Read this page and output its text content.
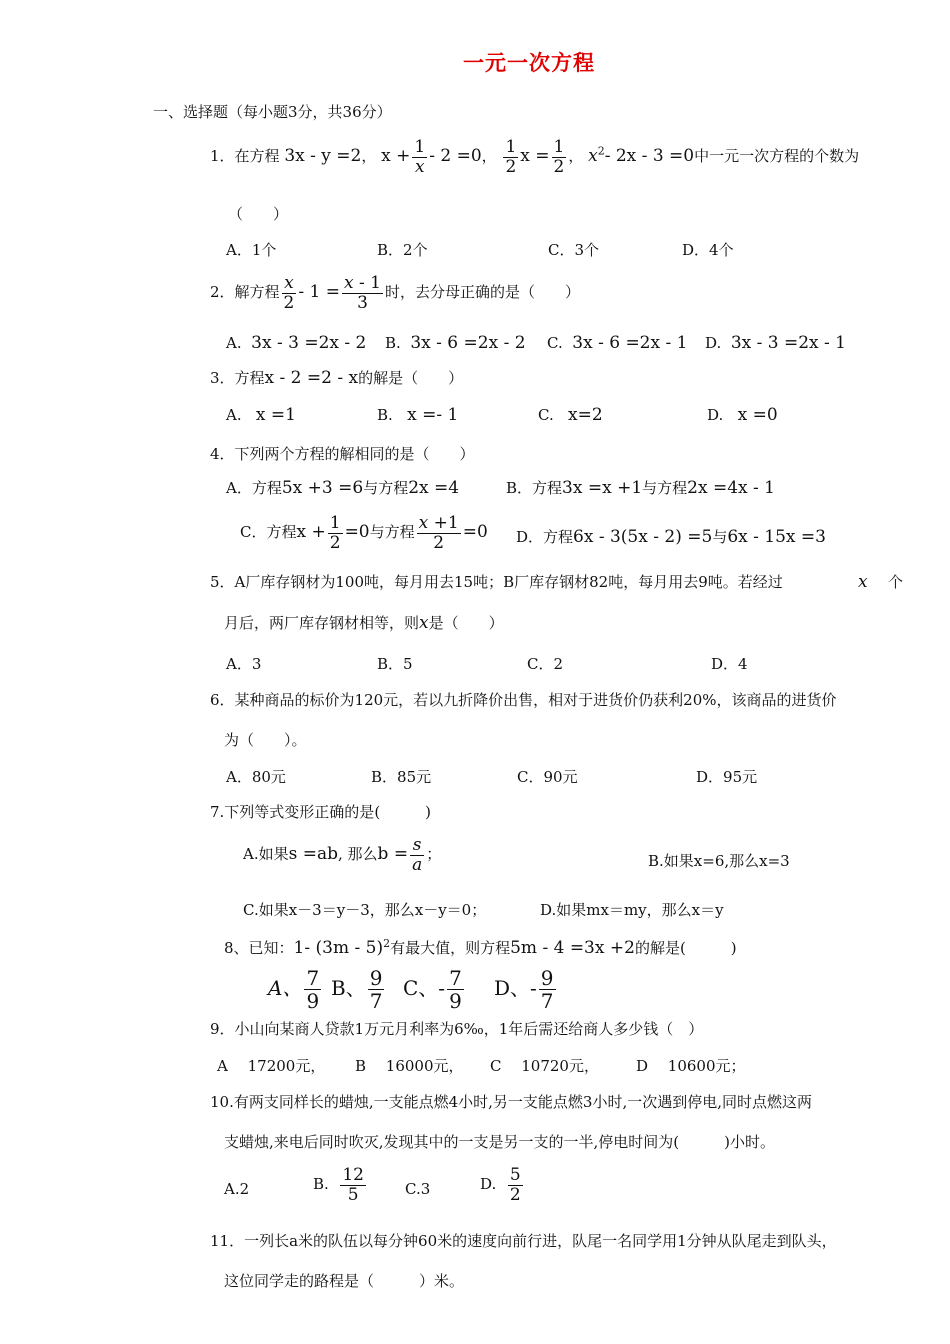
一元一次方程
一、选择题（每小题3分，共36分）
1．在方程 3x - y =2， $x + \frac{1}{x} - 2 =0$， $\frac{1}{2}$ $x = \frac{1}{2}$ ， $x^2-$ 2x - 3 =0中一元一次方程的个数为
（　　）
A．1个	B．2个	C．3个	D．4个
2．解方程 $\frac{x}{2} - 1 = \frac{x - 1}{3}$ 时，去分母正确的是（　　）
A. 3x - 3 =2x - 2 B. 3x - 6 =2x - 2 C. 3x - 6 =2x - 1 D. 3x - 3 =2x - 1
3．方程x - 2 =2 - x的解是（　　）
A. x =1	B. x =- 1	C. x=2	D. x =0
4．下列两个方程的解相同的是（　　）
A．方程5x +3 =6与方程2x =4	B．方程3x =x +1与方程2x =4x - 1
C．方程$x + \frac{1}{2} =0$与方程 $\frac{x +1}{2} =0$ D．方程6x - 3(5x - 2) =5与6x - 15x =3
5．A厂库存钢材为100吨，每月用去15吨；B厂库存钢材82吨，每月用去9吨。若经过	x 个
月后，两厂库存钢材相等，则x是（　　）
A．3	B．5	C．2	D．4
6．某种商品的标价为120元，若以九折降价出售，相对于进货价仍获利20%，该商品的进货价
为（　　）。
A．80元	B．85元	C．90元	D．95元
7.下列等式变形正确的是(　　　)
A.如果s =ab, 那么$b = \frac{s}{a}$ ；	B.如果x=6,那么x=3
C.如果x－3＝y－3，那么x－y＝0；	D.如果mx＝my，那么x＝y
8、已知：1- (3m - 5)$^2$有最大值，则方程5m - 4 =3x +2的解是(　　　)
A、 $\frac{7}{9}$ B、 $\frac{9}{7}$ C、- $\frac{7}{9}$ D、- $\frac{9}{7}$
9．小山向某商人贷款1万元月利率为6‰，1年后需还给商人多少钱（　）
A　 17200元， B　 16000元， C　 10720元， D　 10600元；
10.有两支同样长的蜡烛,一支能点燃4小时,另一支能点燃3小时,一次遇到停电,同时点燃这两
支蜡烛,来电后同时吹灭,发现其中的一支是另一支的一半,停电时间为(　　　)小时。
A.2	B. $\frac{12}{5}$	C.3	D. $\frac{5}{2}$
11．一列长a米的队伍以每分钟60米的速度向前行进，队尾一名同学用1分钟从队尾走到队头，
这位同学走的路程是（　　　）米。
